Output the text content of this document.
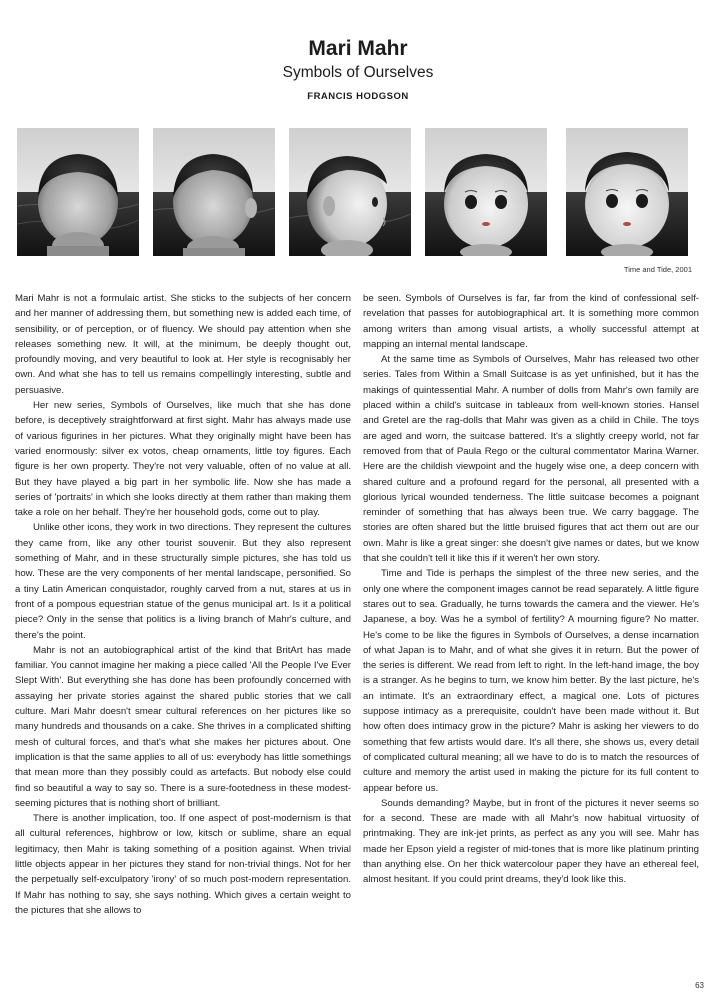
Mari Mahr
Symbols of Ourselves
FRANCIS HODGSON
Time and Tide, 2001

Mari Mahr is not a formulaic artist. She sticks to the subjects of her concern and her manner of addressing them, but something new is added each time, of sensibility, or of perception, or of fluency. We should pay attention when she releases something new. It will, at the minimum, be deeply thought out, profoundly moving, and very beautiful to look at. Her style is recognisably her own. And what she has to tell us remains compellingly interesting, subtle and persuasive.

Her new series, Symbols of Ourselves, like much that she has done before, is deceptively straightforward at first sight. Mahr has always made use of various figurines in her pictures. What they originally might have been has varied enormously: silver ex votos, cheap ornaments, little toy figures. Each figure is her own property. They're not very valuable, often of no value at all. But they have played a big part in her symbolic life. Now she has made a series of 'portraits' in which she looks directly at them rather than making them take a role on her behalf. They're her household gods, come out to play.

Unlike other icons, they work in two directions. They represent the cultures they came from, like any other tourist souvenir. But they also represent something of Mahr, and in these structurally simple pictures, she has told us how. These are the very components of her mental landscape, personified. So a tiny Latin American conquistador, roughly carved from a nut, stares at us in front of a pompous equestrian statue of the genus municipal art. Is it a political piece? Only in the sense that politics is a living branch of Mahr's culture, and there's the point.

Mahr is not an autobiographical artist of the kind that BritArt has made familiar. You cannot imagine her making a piece called 'All the People I've Ever Slept With'. But everything she has done has been profoundly concerned with assaying her private stories against the shared public stories that we call culture. Mari Mahr doesn't smear cultural references on her pictures like so many hundreds and thousands on a cake. She thrives in a complicated shifting mesh of cultural forces, and that's what she makes her pictures about. One implication is that the same applies to all of us: everybody has little somethings that mean more than they possibly could as artefacts. But nobody else could find so beautiful a way to say so. There is a sure-footedness in these modest-seeming pictures that is nothing short of brilliant.

There is another implication, too. If one aspect of post-modernism is that all cultural references, highbrow or low, kitsch or sublime, share an equal legitimacy, then Mahr is taking something of a position against. When trivial little objects appear in her pictures they stand for non-trivial things. Not for her the perpetually self-exculpatory 'irony' of so much post-modern representation. If Mahr has nothing to say, she says nothing. Which gives a certain weight to the pictures that she allows to

be seen. Symbols of Ourselves is far, far from the kind of confessional self-revelation that passes for autobiographical art. It is something more common among writers than among visual artists, a wholly successful attempt at mapping an internal mental landscape.

At the same time as Symbols of Ourselves, Mahr has released two other series. Tales from Within a Small Suitcase is as yet unfinished, but it has the makings of quintessential Mahr. A number of dolls from Mahr's own family are placed within a child's suitcase in tableaux from well-known stories. Hansel and Gretel are the rag-dolls that Mahr was given as a child in Chile. The toys are aged and worn, the suitcase battered. It's a slightly creepy world, not far removed from that of Paula Rego or the cultural commentator Marina Warner. Here are the childish viewpoint and the hugely wise one, a deep concern with shared culture and a profound regard for the personal, all presented with a glorious lyrical wounded tenderness. The little suitcase becomes a poignant reminder of something that has always been true. We carry baggage. The stories are often shared but the little bruised figures that act them out are our own. Mahr is like a great singer: she doesn't give names or dates, but we know that she couldn't tell it like this if it weren't her own story.

Time and Tide is perhaps the simplest of the three new series, and the only one where the component images cannot be read separately. A little figure stares out to sea. Gradually, he turns towards the camera and the viewer. He's Japanese, a boy. Was he a symbol of fertility? A mourning figure? No matter. He's come to be like the figures in Symbols of Ourselves, a dense incarnation of what Japan is to Mahr, and of what she gives it in return. But the power of the series is different. We read from left to right. In the left-hand image, the boy is a stranger. As he begins to turn, we know him better. By the last picture, he's an intimate. It's an extraordinary effect, a magical one. Lots of pictures suppose intimacy as a prerequisite, couldn't have been made without it. But how often does intimacy grow in the picture? Mahr is asking her viewers to do something that few artists would dare. It's all there, she shows us, every detail of complicated cultural meaning; all we have to do is to match the resources of culture and memory the artist used in making the picture for its full content to appear before us.

Sounds demanding? Maybe, but in front of the pictures it never seems so for a second. These are made with all Mahr's now habitual virtuosity of printmaking. They are ink-jet prints, as perfect as any you will see. Mahr has made her Epson yield a register of mid-tones that is more like platinum printing than anything else. On her thick watercolour paper they have an ethereal feel, almost hesitant. If you could print dreams, they'd look like this.

63
